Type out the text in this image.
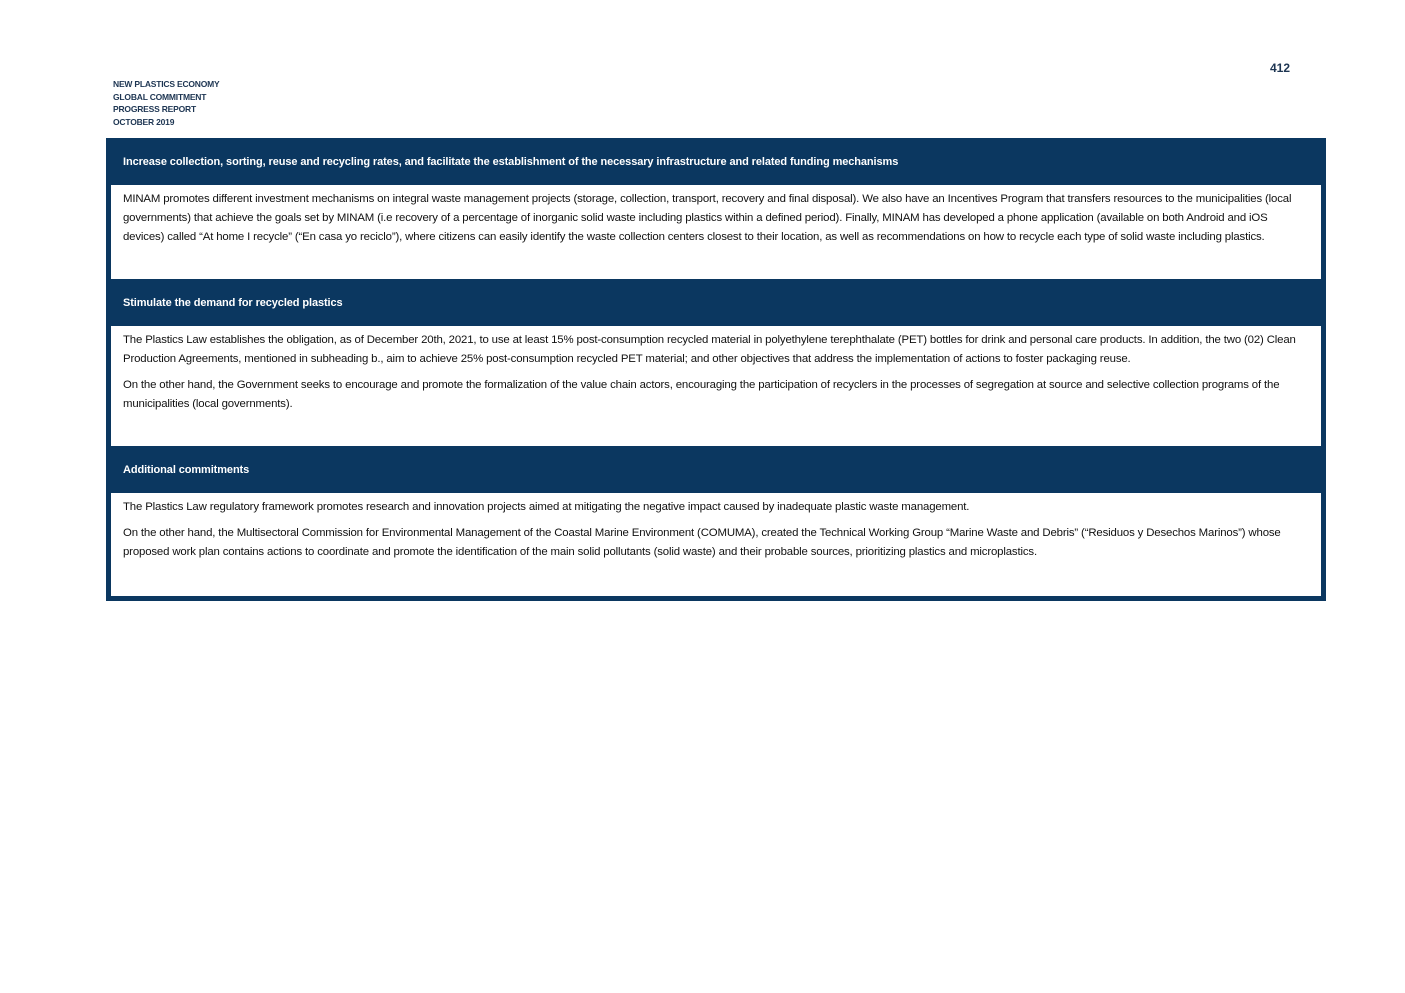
412
NEW PLASTICS ECONOMY
GLOBAL COMMITMENT
PROGRESS REPORT
OCTOBER 2019
Increase collection, sorting, reuse and recycling rates, and facilitate the establishment of the necessary infrastructure and related funding mechanisms

MINAM promotes different investment mechanisms on integral waste management projects (storage, collection, transport, recovery and final disposal). We also have an Incentives Program that transfers resources to the municipalities (local governments) that achieve the goals set by MINAM (i.e recovery of a percentage of inorganic solid waste including plastics within a defined period). Finally, MINAM has developed a phone application (available on both Android and iOS devices) called “At home I recycle” (“En casa yo reciclo”), where citizens can easily identify the waste collection centers closest to their location, as well as recommendations on how to recycle each type of solid waste including plastics.

Stimulate the demand for recycled plastics

The Plastics Law establishes the obligation, as of December 20th, 2021, to use at least 15% post-consumption recycled material in polyethylene terephthalate (PET) bottles for drink and personal care products. In addition, the two (02) Clean Production Agreements, mentioned in subheading b., aim to achieve 25% post-consumption recycled PET material; and other objectives that address the implementation of actions to foster packaging reuse.

On the other hand, the Government seeks to encourage and promote the formalization of the value chain actors, encouraging the participation of recyclers in the processes of segregation at source and selective collection programs of the municipalities (local governments).

Additional commitments

The Plastics Law regulatory framework promotes research and innovation projects aimed at mitigating the negative impact caused by inadequate plastic waste management.

On the other hand, the Multisectoral Commission for Environmental Management of the Coastal Marine Environment (COMUMA), created the Technical Working Group “Marine Waste and Debris” (“Residuos y Desechos Marinos”) whose proposed work plan contains actions to coordinate and promote the identification of the main solid pollutants (solid waste) and their probable sources, prioritizing plastics and microplastics.
